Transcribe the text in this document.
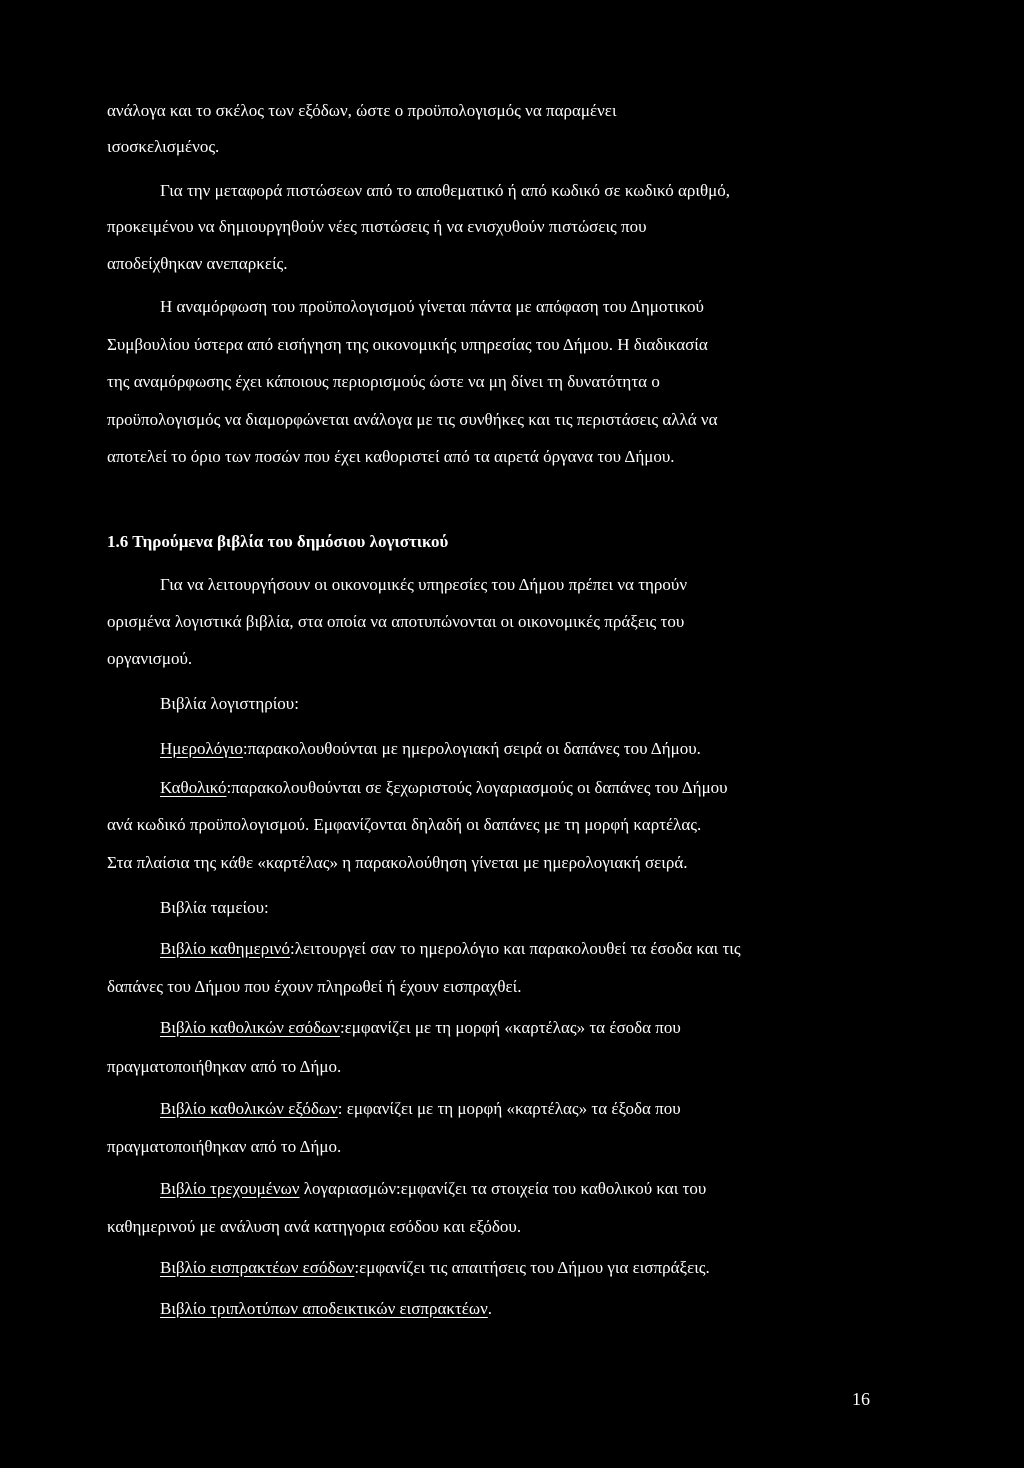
ανάλογα και το σκέλος των εξόδων, ώστε ο προϋπολογισμός να παραμένει
ισοσκελισμένος.
Για την μεταφορά πιστώσεων από το αποθεματικό ή από κωδικό σε κωδικό αριθμό,
προκειμένου να δημιουργηθούν νέες πιστώσεις ή να ενισχυθούν πιστώσεις που
αποδείχθηκαν ανεπαρκείς.
Η αναμόρφωση του προϋπολογισμού γίνεται πάντα με απόφαση του Δημοτικού
Συμβουλίου ύστερα από εισήγηση της οικονομικής υπηρεσίας του Δήμου. Η διαδικασία
της αναμόρφωσης έχει κάποιους περιορισμούς ώστε να μη δίνει τη δυνατότητα ο
προϋπολογισμός να διαμορφώνεται ανάλογα με τις συνθήκες και τις περιστάσεις αλλά να
αποτελεί το όριο των ποσών που έχει καθοριστεί από τα αιρετά όργανα του Δήμου.
1.6 Τηρούμενα βιβλία του δημόσιου λογιστικού
Για να λειτουργήσουν οι οικονομικές υπηρεσίες του Δήμου πρέπει να τηρούν
ορισμένα λογιστικά βιβλία, στα οποία να αποτυπώνονται οι οικονομικές πράξεις του
οργανισμού.
Βιβλία λογιστηρίου:
Ημερολόγιο:παρακολουθούνται με ημερολογιακή σειρά οι δαπάνες του Δήμου.
Καθολικό:παρακολουθούνται σε ξεχωριστούς λογαριασμούς οι δαπάνες του Δήμου
ανά κωδικό προϋπολογισμού. Εμφανίζονται δηλαδή οι δαπάνες με τη μορφή καρτέλας.
Στα πλαίσια της κάθε «καρτέλας» η παρακολούθηση γίνεται με ημερολογιακή σειρά.
Βιβλία ταμείου:
Βιβλίο καθημερινό:λειτουργεί σαν το ημερολόγιο και παρακολουθεί τα έσοδα και τις
δαπάνες του Δήμου που έχουν πληρωθεί ή έχουν εισπραχθεί.
Βιβλίο καθολικών εσόδων:εμφανίζει με τη μορφή «καρτέλας» τα έσοδα που
πραγματοποιήθηκαν από το Δήμο.
Βιβλίο καθολικών εξόδων: εμφανίζει με τη μορφή «καρτέλας» τα έξοδα που
πραγματοποιήθηκαν από το Δήμο.
Βιβλίο τρεχουμένων λογαριασμών:εμφανίζει τα στοιχεία του καθολικού και του
καθημερινού με ανάλυση ανά κατηγορια εσόδου και εξόδου.
Βιβλίο εισπρακτέων εσόδων:εμφανίζει τις απαιτήσεις του Δήμου για εισπράξεις.
Βιβλίο τριπλοτύπων αποδεικτικών εισπρακτέων.
16
